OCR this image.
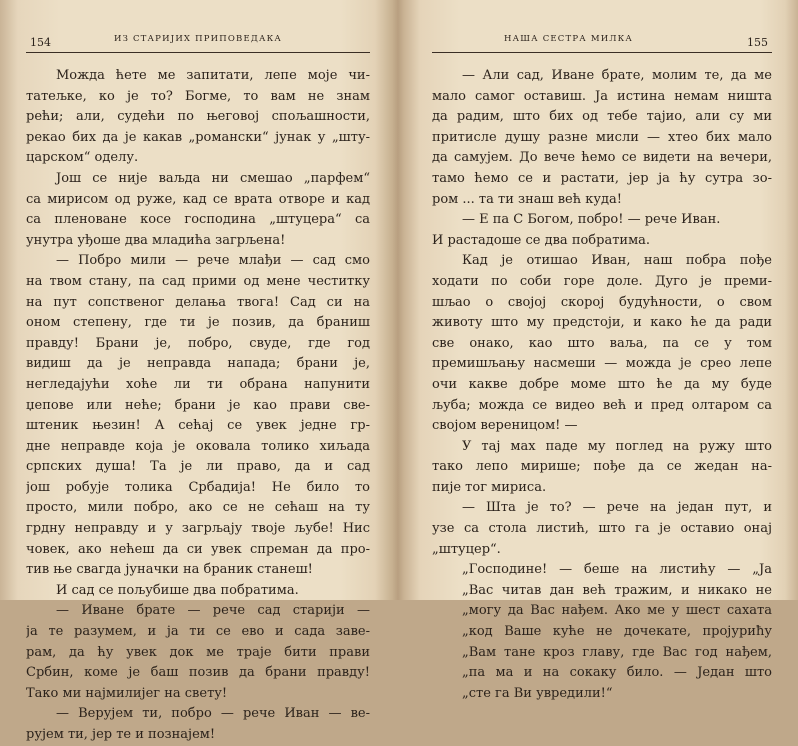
154	ИЗ СТАРИЈИХ ПРИПОВЕДАКА
Можда ћете ме запитати, лепе моје чи-
татељке, ко је то? Богме, то вам не знам
рећи; али, судећи по његовој спољашности,
рекао бих да је какав „романски“ јунак у „шту-
царском“ оделу.
Још се није ваљда ни смешао „парфем“
са мирисом од руже, кад се врата отворе и кад
са пленоване косе господина „штуцера“ са
унутра уђоше два младића загрљена!
— Побро мили — рече млађи — сад смо
на твом стану, па сад прими од мене честитку
на пут сопственог делања твога! Сад си на
оном степену, где ти је позив, да браниш
правду! Брани је, побро, свуде, где год
видиш да је неправда напада; брани је,
негледајући хоће ли ти обрана напунити
џепове или неће; брани је као прави све-
штеник њезин! А сећај се увек једне гр-
дне неправде која је оковала толико хиљада
српских душа! Та је ли право, да и сад
још робује толика Србадија! Не било то
просто, мили побро, ако се не сећаш на ту
грдну неправду и у загрљају твоје љубе! Нис
човек, ако нећеш да си увек спреман да про-
тив ње свагда јуначки на браник станеш!
И сад се пољубише два побратима.
— Иване брате — рече сад старији —
ја те разумем, и ја ти се ево и сада заве-
рам, да ћу увек док ме траје бити прави
Србин, коме је баш позив да брани правду!
Тако ми најмилијег на свету!
— Верујем ти, побро — рече Иван — ве-
рујем ти, јер те и познајем!
НАША СЕСТРА МИЛКА	155
— Али сад, Иване брате, молим те, да ме
мало самог оставиш. Ја истина немам ништа
да радим, што бих од тебе тајио, али су ми
притисле душу разне мисли — хтео бих мало
да самујем. До вече ћемо се видети на вечери,
тамо ћемо се и растати, јер ја ћу сутра зо-
ром ... та ти знаш већ куда!
— Е па С Богом, побро! — рече Иван.
И растадоше се два побратима.
Кад је отишао Иван, наш побра пође
ходати по соби горе доле. Дуго је преми-
шљао о својој скорој будућности, о свом
животу што му предстоји, и како ће да ради
све онако, као што ваља, па се у том
премишљању насмеши — можда је срео лепе
очи какве добре моме што ће да му буде
љуба; можда се видео већ и пред олтаром са
својом вереницом! —
У тај мах паде му поглед на ружу што
тако лепо мирише; пође да се жедан на-
пије тог мириса.
— Шта је то? — рече на један пут, и
узе са стола листић, што га је оставио онај
„штуцер“.
„Господине! — беше на листићу — „Ја
„Вас читав дан већ тражим, и никако не
„могу да Вас нађем. Ако ме у шест сахата
„код Ваше куће не дочекате, пројуриħу
„Вам тане кроз главу, где Вас год нађем,
„па ма и на сокаку било. — Један што
„сте га Ви увредили!“
